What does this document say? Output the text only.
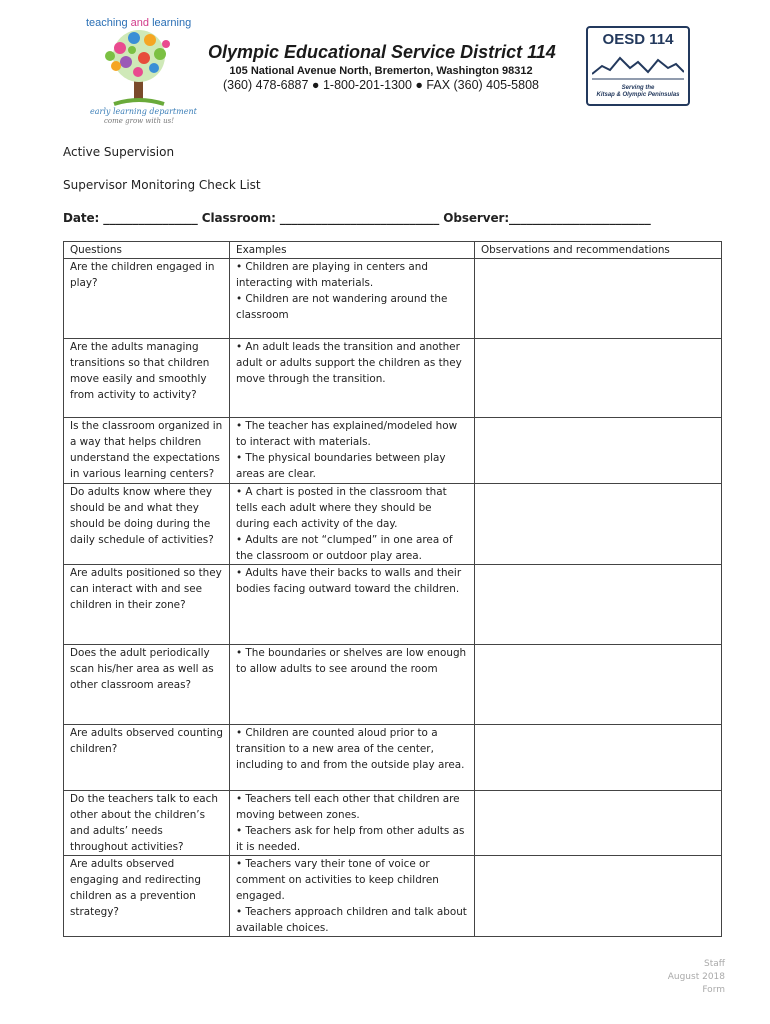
teaching and learning
early learning department
come grow with us!
Olympic Educational Service District 114
105 National Avenue North, Bremerton, Washington 98312
(360) 478-6887 ● 1-800-201-1300 ● FAX (360) 405-5808
OESD 114
Serving the
Kitsap & Olympic Peninsulas
Active Supervision
Supervisor Monitoring Check List
Date: ________________ Classroom: ___________________________ Observer:________________________
Questions	Examples	Observations and recommendations
Are the children engaged in play?	• Children are playing in centers and interacting with materials.
• Children are not wandering around the classroom	

Are the adults managing transitions so that children move easily and smoothly from activity to activity?	• An adult leads the transition and another adult or adults support the children as they move through the transition.	

Is the classroom organized in a way that helps children understand the expectations in various learning centers?	• The teacher has explained/modeled how to interact with materials.
• The physical boundaries between play areas are clear.	

Do adults know where they should be and what they should be doing during the daily schedule of activities?	• A chart is posted in the classroom that tells each adult where they should be during each activity of the day.
• Adults are not “clumped” in one area of the classroom or outdoor play area.	

Are adults positioned so they can interact with and see children in their zone?	• Adults have their backs to walls and their bodies facing outward toward the children.	

Does the adult periodically scan his/her area as well as other classroom areas?	• The boundaries or shelves are low enough to allow adults to see around the room	

Are adults observed counting children?	• Children are counted aloud prior to a transition to a new area of the center, including to and from the outside play area.	

Do the teachers talk to each other about the children’s and adults’ needs throughout activities?	• Teachers tell each other that children are moving between zones.
• Teachers ask for help from other adults as it is needed.	

Are adults observed engaging and redirecting children as a prevention strategy?	• Teachers vary their tone of voice or comment on activities to keep children engaged.
• Teachers approach children and talk about available choices.	

Staff
August 2018
Form
